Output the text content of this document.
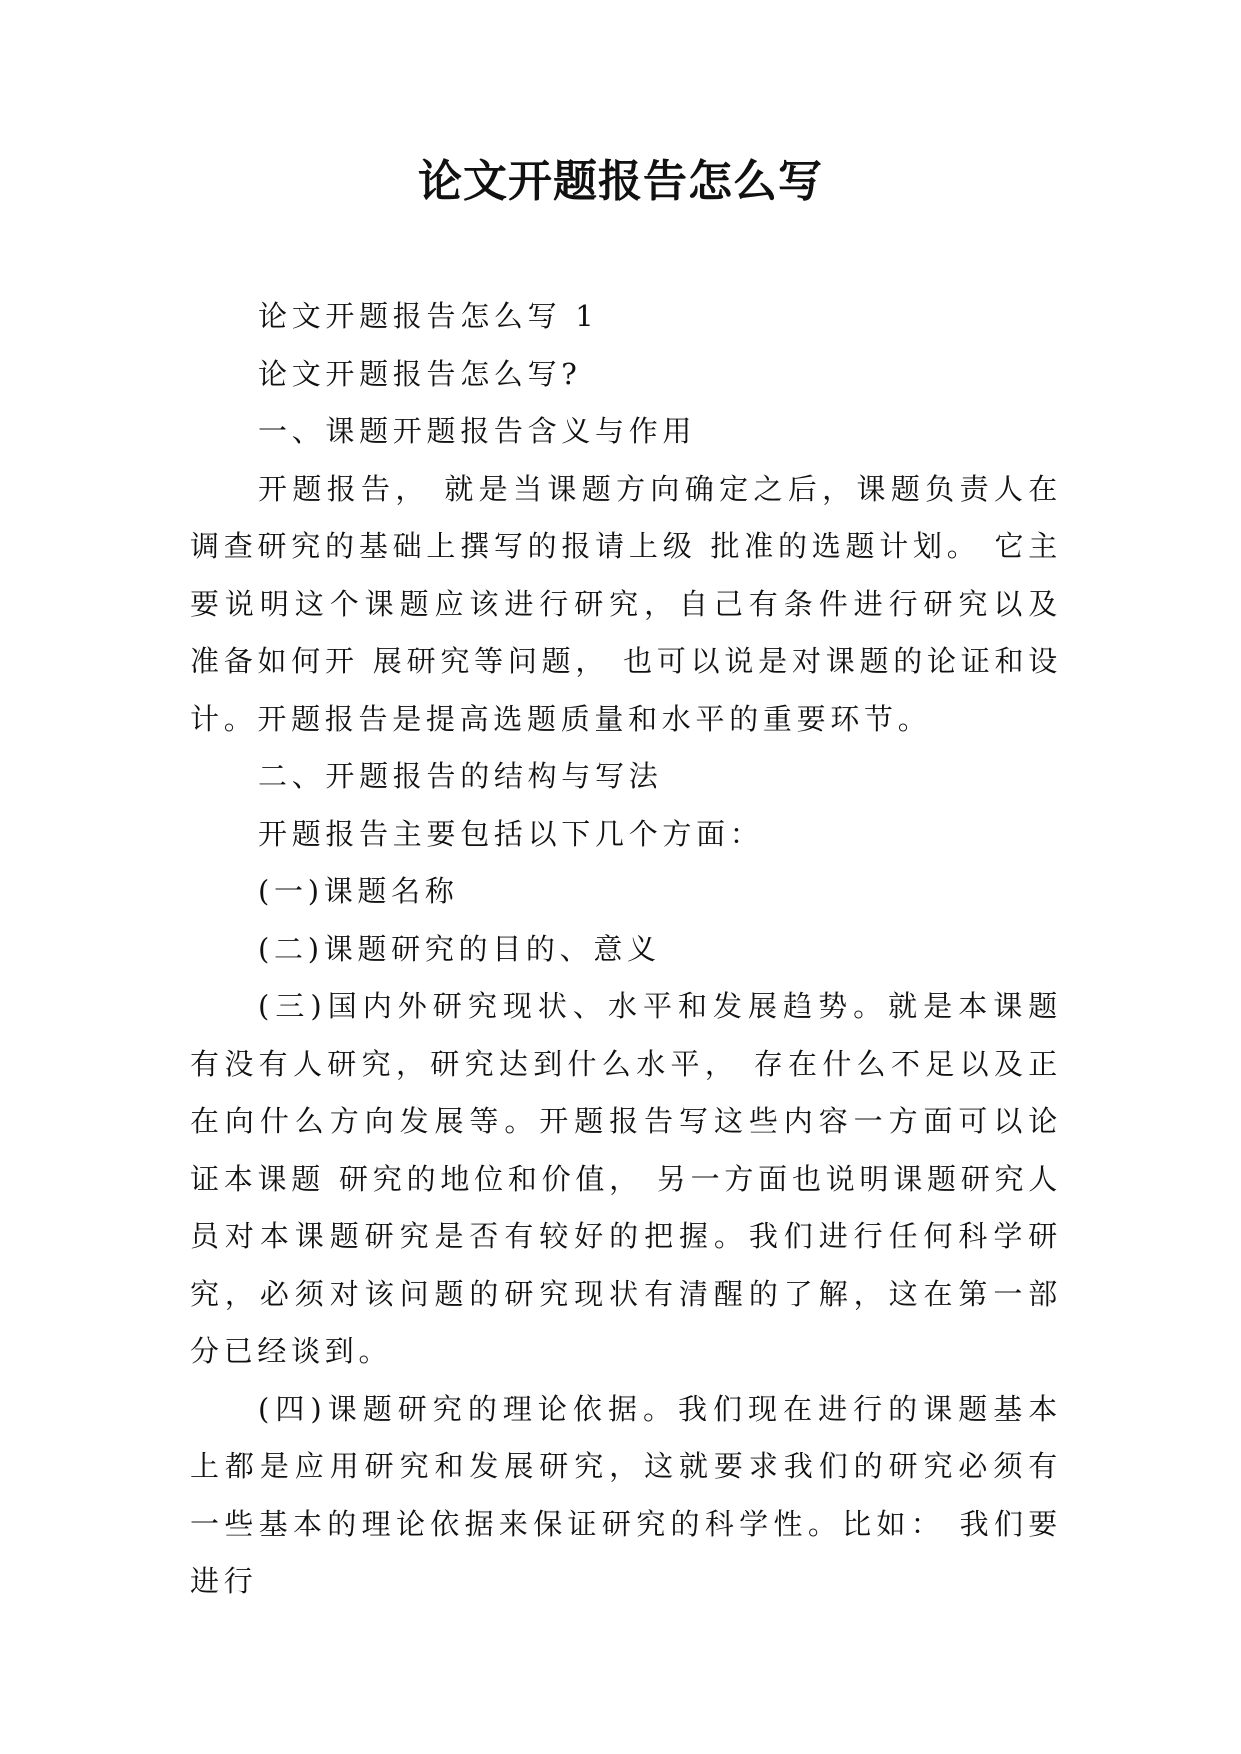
论文开题报告怎么写

论文开题报告怎么写 1

论文开题报告怎么写?

一、课题开题报告含义与作用

开题报告， 就是当课题方向确定之后，课题负责人在调查研究的基础上撰写的报请上级 批准的选题计划。 它主要说明这个课题应该进行研究，自己有条件进行研究以及准备如何开 展研究等问题， 也可以说是对课题的论证和设计。开题报告是提高选题质量和水平的重要环节。

二、开题报告的结构与写法

开题报告主要包括以下几个方面：

(一)课题名称

(二)课题研究的目的、意义

(三)国内外研究现状、水平和发展趋势。就是本课题有没有人研究，研究达到什么水平， 存在什么不足以及正在向什么方向发展等。开题报告写这些内容一方面可以论证本课题 研究的地位和价值， 另一方面也说明课题研究人员对本课题研究是否有较好的把握。我们进行任何科学研究，必须对该问题的研究现状有清醒的了解，这在第一部分已经谈到。

(四)课题研究的理论依据。我们现在进行的课题基本上都是应用研究和发展研究，这就要求我们的研究必须有一些基本的理论依据来保证研究的科学性。比如： 我们要进行
